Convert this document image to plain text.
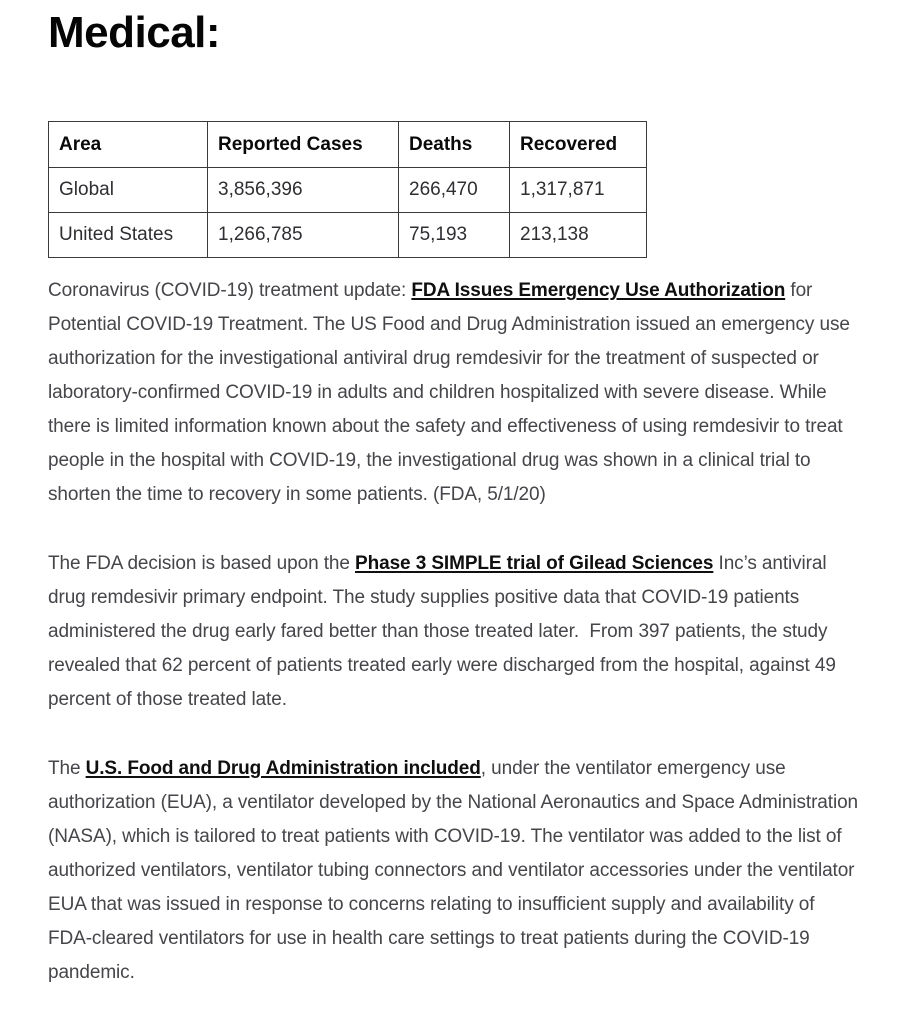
Medical:
Area	Reported Cases	Deaths	Recovered
Global	3,856,396	266,470	1,317,871
United States	1,266,785	75,193	213,138

Coronavirus (COVID-19) treatment update: FDA Issues Emergency Use Authorization for Potential COVID-19 Treatment. The US Food and Drug Administration issued an emergency use authorization for the investigational antiviral drug remdesivir for the treatment of suspected or laboratory-confirmed COVID-19 in adults and children hospitalized with severe disease. While there is limited information known about the safety and effectiveness of using remdesivir to treat people in the hospital with COVID-19, the investigational drug was shown in a clinical trial to shorten the time to recovery in some patients. (FDA, 5/1/20)

The FDA decision is based upon the Phase 3 SIMPLE trial of Gilead Sciences Inc’s antiviral drug remdesivir primary endpoint. The study supplies positive data that COVID-19 patients administered the drug early fared better than those treated later.  From 397 patients, the study revealed that 62 percent of patients treated early were discharged from the hospital, against 49 percent of those treated late.

The U.S. Food and Drug Administration included, under the ventilator emergency use authorization (EUA), a ventilator developed by the National Aeronautics and Space Administration (NASA), which is tailored to treat patients with COVID-19. The ventilator was added to the list of authorized ventilators, ventilator tubing connectors and ventilator accessories under the ventilator EUA that was issued in response to concerns relating to insufficient supply and availability of FDA-cleared ventilators for use in health care settings to treat patients during the COVID-19 pandemic.
